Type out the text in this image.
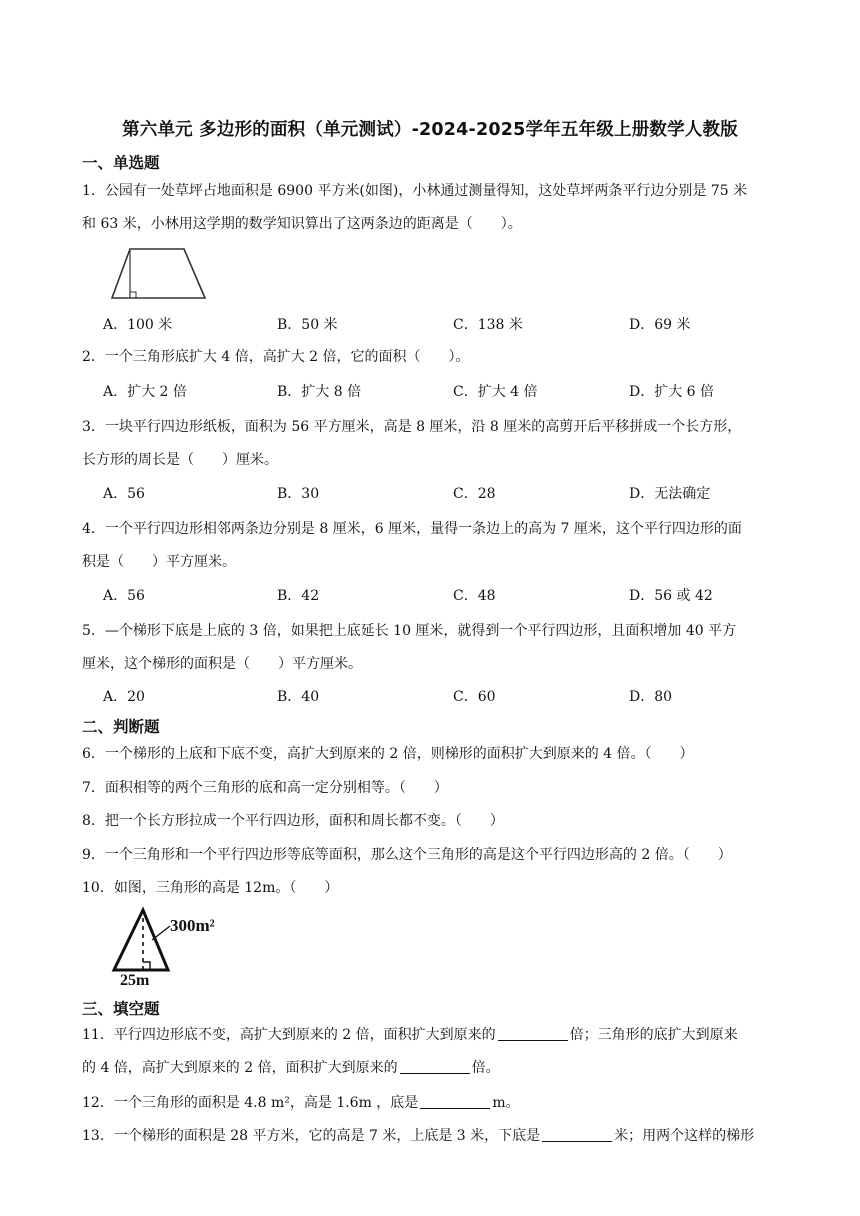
第六单元 多边形的面积（单元测试）-2024-2025学年五年级上册数学人教版
一、单选题
1．公园有一处草坪占地面积是 6900 平方米(如图)，小林通过测量得知，这处草坪两条平行边分别是 75 米
和 63 米，小林用这学期的数学知识算出了这两条边的距离是（　　）。
A．100 米	B．50 米	C．138 米	D．69 米
2．一个三角形底扩大 4 倍，高扩大 2 倍，它的面积（　　）。
A．扩大 2 倍	B．扩大 8 倍	C．扩大 4 倍	D．扩大 6 倍
3．一块平行四边形纸板，面积为 56 平方厘米，高是 8 厘米，沿 8 厘米的高剪开后平移拼成一个长方形，
长方形的周长是（　　）厘米。
A．56	B．30	C．28	D．无法确定
4．一个平行四边形相邻两条边分别是 8 厘米，6 厘米，量得一条边上的高为 7 厘米，这个平行四边形的面
积是（　　）平方厘米。
A．56	B．42	C．48	D．56 或 42
5．—个梯形下底是上底的 3 倍，如果把上底延长 10 厘米，就得到一个平行四边形，且面积增加 40 平方
厘米，这个梯形的面积是（　　）平方厘米。
A．20	B．40	C．60	D．80
二、判断题
6．一个梯形的上底和下底不变，高扩大到原来的 2 倍，则梯形的面积扩大到原来的 4 倍。（　　）
7．面积相等的两个三角形的底和高一定分别相等。（　　）
8．把一个长方形拉成一个平行四边形，面积和周长都不变。（　　）
9．一个三角形和一个平行四边形等底等面积，那么这个三角形的高是这个平行四边形高的 2 倍。（　　）
10．如图，三角形的高是 12m。（　　）
300m²
25m
三、填空题
11．平行四边形底不变，高扩大到原来的 2 倍，面积扩大到原来的	倍；三角形的底扩大到原来
的 4 倍，高扩大到原来的 2 倍，面积扩大到原来的	倍。
12．一个三角形的面积是 4.8 m²，高是 1.6m ，底是	m。
13．一个梯形的面积是 28 平方米，它的高是 7 米，上底是 3 米，下底是	米；用两个这样的梯形
